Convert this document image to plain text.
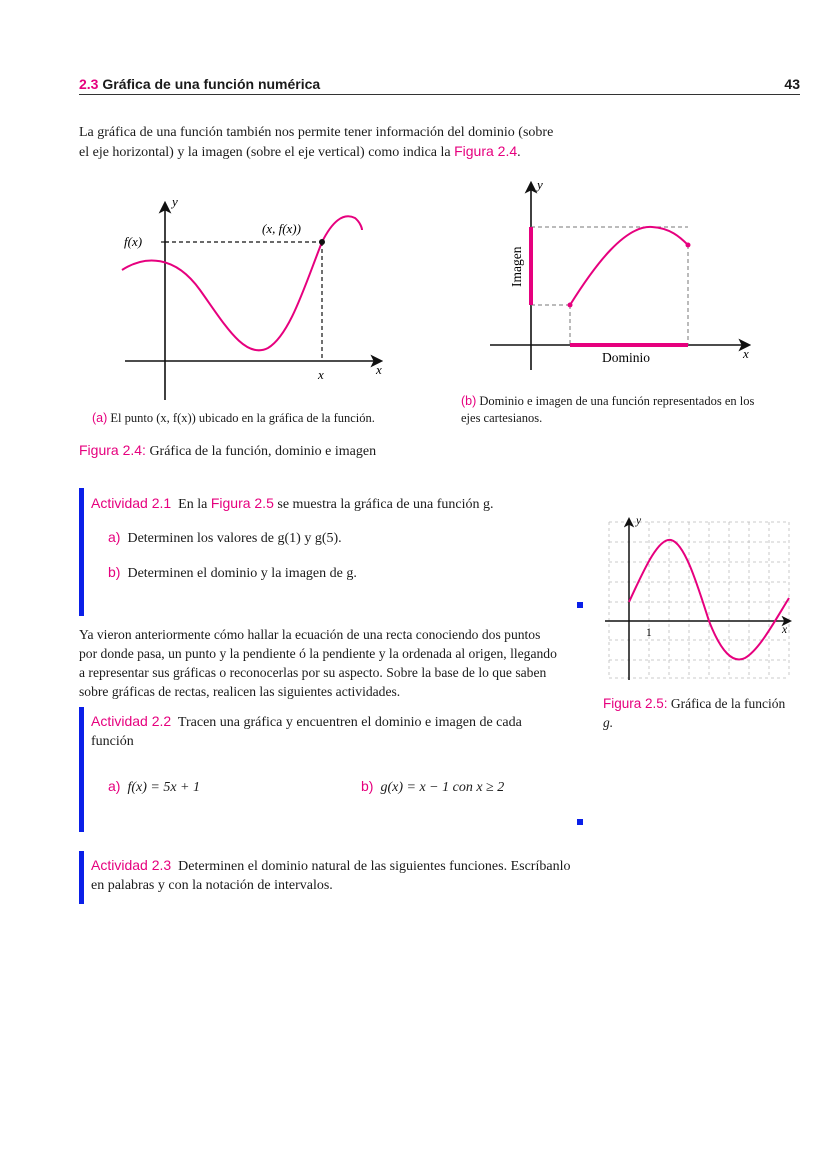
2.3 Gráfica de una función numérica	43
La gráfica de una función también nos permite tener información del dominio (sobre
el eje horizontal) y la imagen (sobre el eje vertical) como indica la Figura 2.4.
y
x
f(x)
(x, f(x))
x
(a) El punto (x, f(x)) ubicado en la gráfica de la función.
y
x
Dominio
Imagen
(b) Dominio e imagen de una función representados en los
ejes cartesianos.
Figura 2.4: Gráfica de la función, dominio e imagen
Actividad 2.1 En la Figura 2.5 se muestra la gráfica de una función g.
a) Determinen los valores de g(1) y g(5).
b) Determinen el dominio y la imagen de g.
y
x
1
Figura 2.5: Gráfica de la función
g.
Ya vieron anteriormente cómo hallar la ecuación de una recta conociendo dos puntos
por donde pasa, un punto y la pendiente ó la pendiente y la ordenada al origen, llegando
a representar sus gráficas o reconocerlas por su aspecto. Sobre la base de lo que saben
sobre gráficas de rectas, realicen las siguientes actividades.
Actividad 2.2 Tracen una gráfica y encuentren el dominio e imagen de cada
función
a) f(x) = 5x + 1	b) g(x) = x − 1 con x ≥ 2
Actividad 2.3 Determinen el dominio natural de las siguientes funciones. Escríbanlo
en palabras y con la notación de intervalos.
